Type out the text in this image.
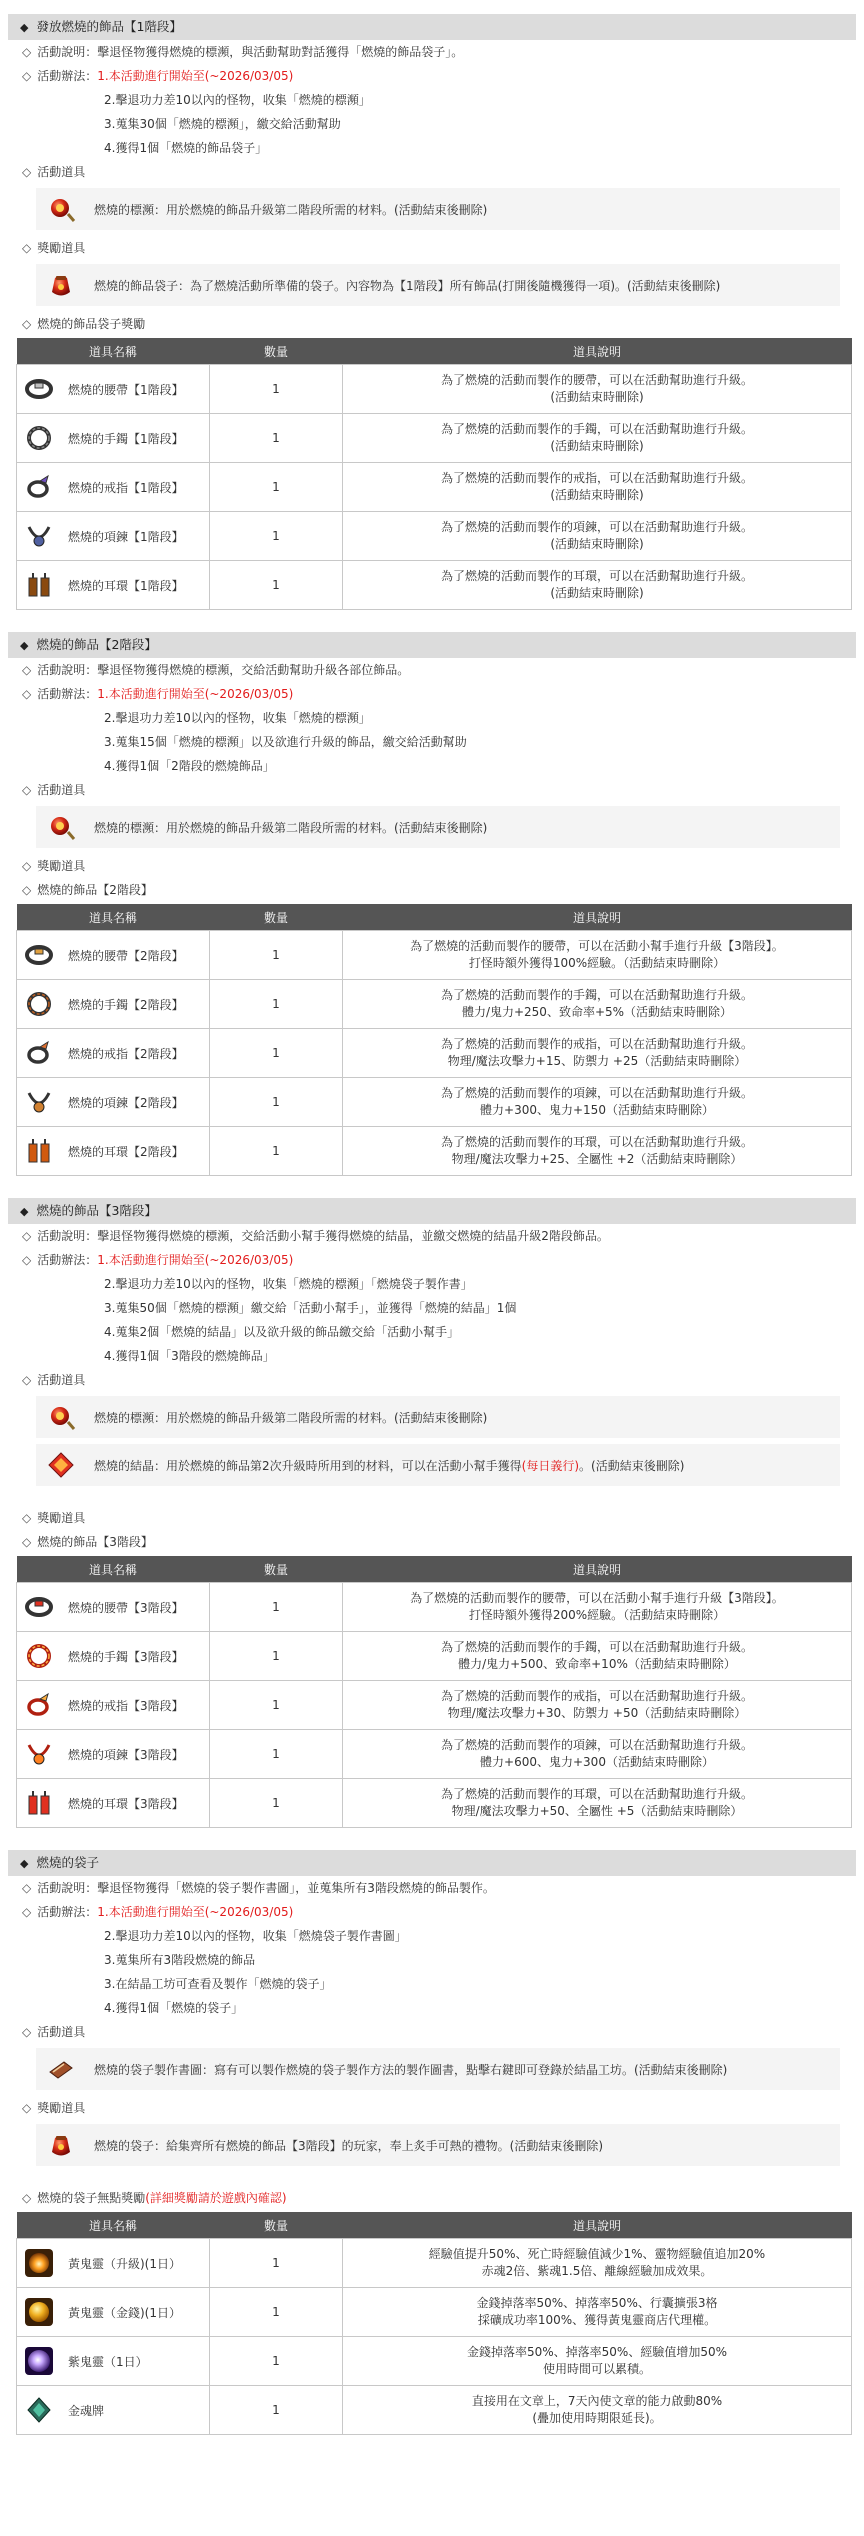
◆ 發放燃燒的飾品【1階段】
◇ 活動說明：擊退怪物獲得燃燒的標瀕，與活動幫助對話獲得「燃燒的飾品袋子」。
◇ 活動辦法：1.本活動進行開始至(~2026/03/05)
2.擊退功力差10以內的怪物，收集「燃燒的標瀕」
3.蒐集30個「燃燒的標瀕」，繳交給活動幫助
4.獲得1個「燃燒的飾品袋子」
◇ 活動道具
燃燒的標瀕：用於燃燒的飾品升級第二階段所需的材料。(活動結束後刪除)
◇ 獎勵道具
燃燒的飾品袋子：為了燃燒活動所準備的袋子。內容物為【1階段】所有飾品(打開後隨機獲得一項)。(活動結束後刪除)
◇ 燃燒的飾品袋子獎勵
道具名稱	數量	道具說明

燃燒的腰帶【1階段】	1	為了燃燒的活動而製作的腰帶，可以在活動幫助進行升級。
(活動結束時刪除)

燃燒的手鐲【1階段】	1	為了燃燒的活動而製作的手鐲，可以在活動幫助進行升級。
(活動結束時刪除)

燃燒的戒指【1階段】	1	為了燃燒的活動而製作的戒指，可以在活動幫助進行升級。
(活動結束時刪除)

燃燒的項鍊【1階段】	1	為了燃燒的活動而製作的項鍊，可以在活動幫助進行升級。
(活動結束時刪除)

燃燒的耳環【1階段】	1	為了燃燒的活動而製作的耳環，可以在活動幫助進行升級。
(活動結束時刪除)
◆ 燃燒的飾品【2階段】
◇ 活動說明：擊退怪物獲得燃燒的標瀕，交給活動幫助升級各部位飾品。
◇ 活動辦法：1.本活動進行開始至(~2026/03/05)
2.擊退功力差10以內的怪物，收集「燃燒的標瀕」
3.蒐集15個「燃燒的標瀕」以及欲進行升級的飾品，繳交給活動幫助
4.獲得1個「2階段的燃燒飾品」
◇ 活動道具
燃燒的標瀕：用於燃燒的飾品升級第二階段所需的材料。(活動結束後刪除)
◇ 獎勵道具
◇ 燃燒的飾品【2階段】
道具名稱	數量	道具說明

燃燒的腰帶【2階段】	1	為了燃燒的活動而製作的腰帶，可以在活動小幫手進行升級【3階段】。
打怪時額外獲得100%經驗。（活動結束時刪除）

燃燒的手鐲【2階段】	1	為了燃燒的活動而製作的手鐲，可以在活動幫助進行升級。
體力/鬼力+250、致命率+5%（活動結束時刪除）

燃燒的戒指【2階段】	1	為了燃燒的活動而製作的戒指，可以在活動幫助進行升級。
物理/魔法攻擊力+15、防禦力 +25（活動結束時刪除）

燃燒的項鍊【2階段】	1	為了燃燒的活動而製作的項鍊，可以在活動幫助進行升級。
體力+300、鬼力+150（活動結束時刪除）

燃燒的耳環【2階段】	1	為了燃燒的活動而製作的耳環，可以在活動幫助進行升級。
物理/魔法攻擊力+25、全屬性 +2（活動結束時刪除）
◆ 燃燒的飾品【3階段】
◇ 活動說明：擊退怪物獲得燃燒的標瀕，交給活動小幫手獲得燃燒的結晶，並繳交燃燒的結晶升級2階段飾品。
◇ 活動辦法：1.本活動進行開始至(~2026/03/05)
2.擊退功力差10以內的怪物，收集「燃燒的標瀕」「燃燒袋子製作書」
3.蒐集50個「燃燒的標瀕」繳交給「活動小幫手」，並獲得「燃燒的結晶」1個
4.蒐集2個「燃燒的結晶」以及欲升級的飾品繳交給「活動小幫手」
4.獲得1個「3階段的燃燒飾品」
◇ 活動道具
燃燒的標瀕：用於燃燒的飾品升級第二階段所需的材料。(活動結束後刪除)
燃燒的結晶：用於燃燒的飾品第2次升級時所用到的材料，可以在活動小幫手獲得(每日義行)。(活動結束後刪除)
◇ 獎勵道具
◇ 燃燒的飾品【3階段】
道具名稱	數量	道具說明

燃燒的腰帶【3階段】	1	為了燃燒的活動而製作的腰帶，可以在活動小幫手進行升級【3階段】。
打怪時額外獲得200%經驗。（活動結束時刪除）

燃燒的手鐲【3階段】	1	為了燃燒的活動而製作的手鐲，可以在活動幫助進行升級。
體力/鬼力+500、致命率+10%（活動結束時刪除）

燃燒的戒指【3階段】	1	為了燃燒的活動而製作的戒指，可以在活動幫助進行升級。
物理/魔法攻擊力+30、防禦力 +50（活動結束時刪除）

燃燒的項鍊【3階段】	1	為了燃燒的活動而製作的項鍊，可以在活動幫助進行升級。
體力+600、鬼力+300（活動結束時刪除）

燃燒的耳環【3階段】	1	為了燃燒的活動而製作的耳環，可以在活動幫助進行升級。
物理/魔法攻擊力+50、全屬性 +5（活動結束時刪除）
◆ 燃燒的袋子
◇ 活動說明：擊退怪物獲得「燃燒的袋子製作書圖」，並蒐集所有3階段燃燒的飾品製作。
◇ 活動辦法：1.本活動進行開始至(~2026/03/05)
2.擊退功力差10以內的怪物，收集「燃燒袋子製作書圖」
3.蒐集所有3階段燃燒的飾品
3.在結晶工坊可查看及製作「燃燒的袋子」
4.獲得1個「燃燒的袋子」
◇ 活動道具
燃燒的袋子製作書圖：寫有可以製作燃燒的袋子製作方法的製作圖書，點擊右鍵即可登錄於結晶工坊。(活動結束後刪除)
◇ 獎勵道具
燃燒的袋子：給集齊所有燃燒的飾品【3階段】的玩家，奉上炙手可熱的禮物。(活動結束後刪除)
◇ 燃燒的袋子無點獎勵(詳細獎勵請於遊戲內確認)
道具名稱	數量	道具說明

黃鬼靈（升級)(1日）	1	經驗值提升50%、死亡時經驗值減少1%、靈物經驗值追加20%
赤魂2倍、紫魂1.5倍、離線經驗加成效果。

黃鬼靈（金錢)(1日）	1	金錢掉落率50%、掉落率50%、行囊擴張3格
採礦成功率100%、獲得黃鬼靈商店代理權。

紫鬼靈（1日）	1	金錢掉落率50%、掉落率50%、經驗值增加50%
使用時間可以累積。

金魂牌	1	直接用在文章上，7天內使文章的能力啟動80%
(疊加使用時期限延長)。
